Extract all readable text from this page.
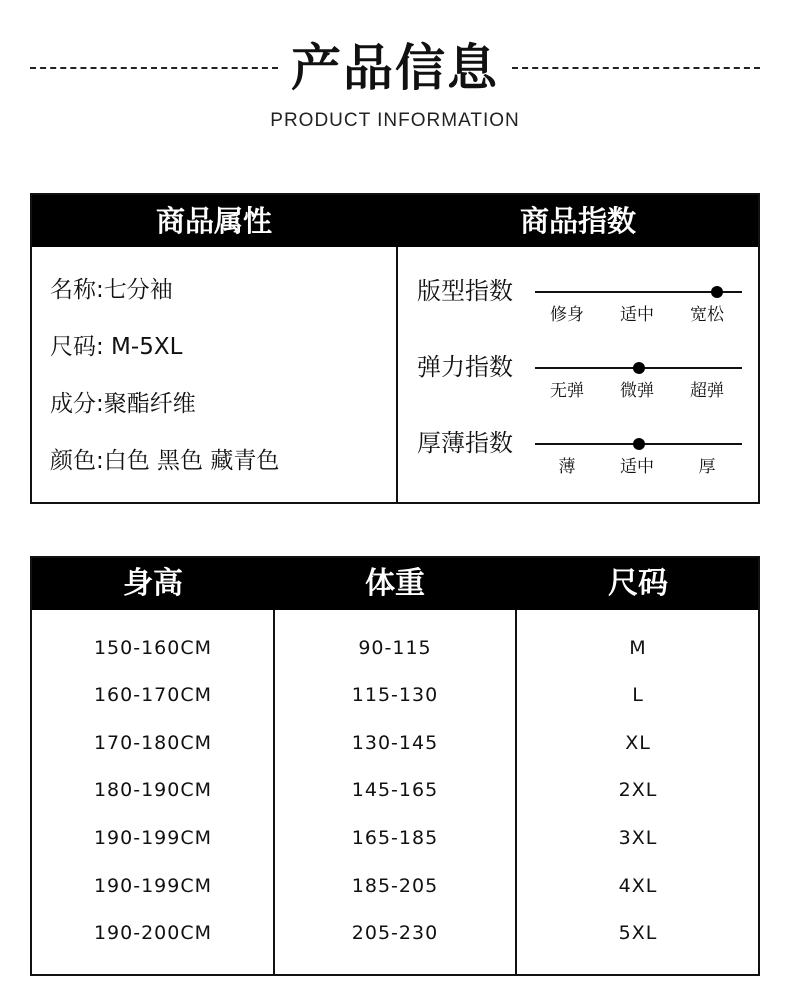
产品信息
PRODUCT INFORMATION
商品属性	商品指数
名称:七分袖
尺码: M-5XL
成分:聚酯纤维
颜色:白色 黑色 藏青色
版型指数
修身	适中	宽松
弹力指数
无弹	微弹	超弹
厚薄指数
薄	适中	厚
身高	体重	尺码
150-160CM	90-115	M
160-170CM	115-130	L
170-180CM	130-145	XL
180-190CM	145-165	2XL
190-199CM	165-185	3XL
190-199CM	185-205	4XL
190-200CM	205-230	5XL
